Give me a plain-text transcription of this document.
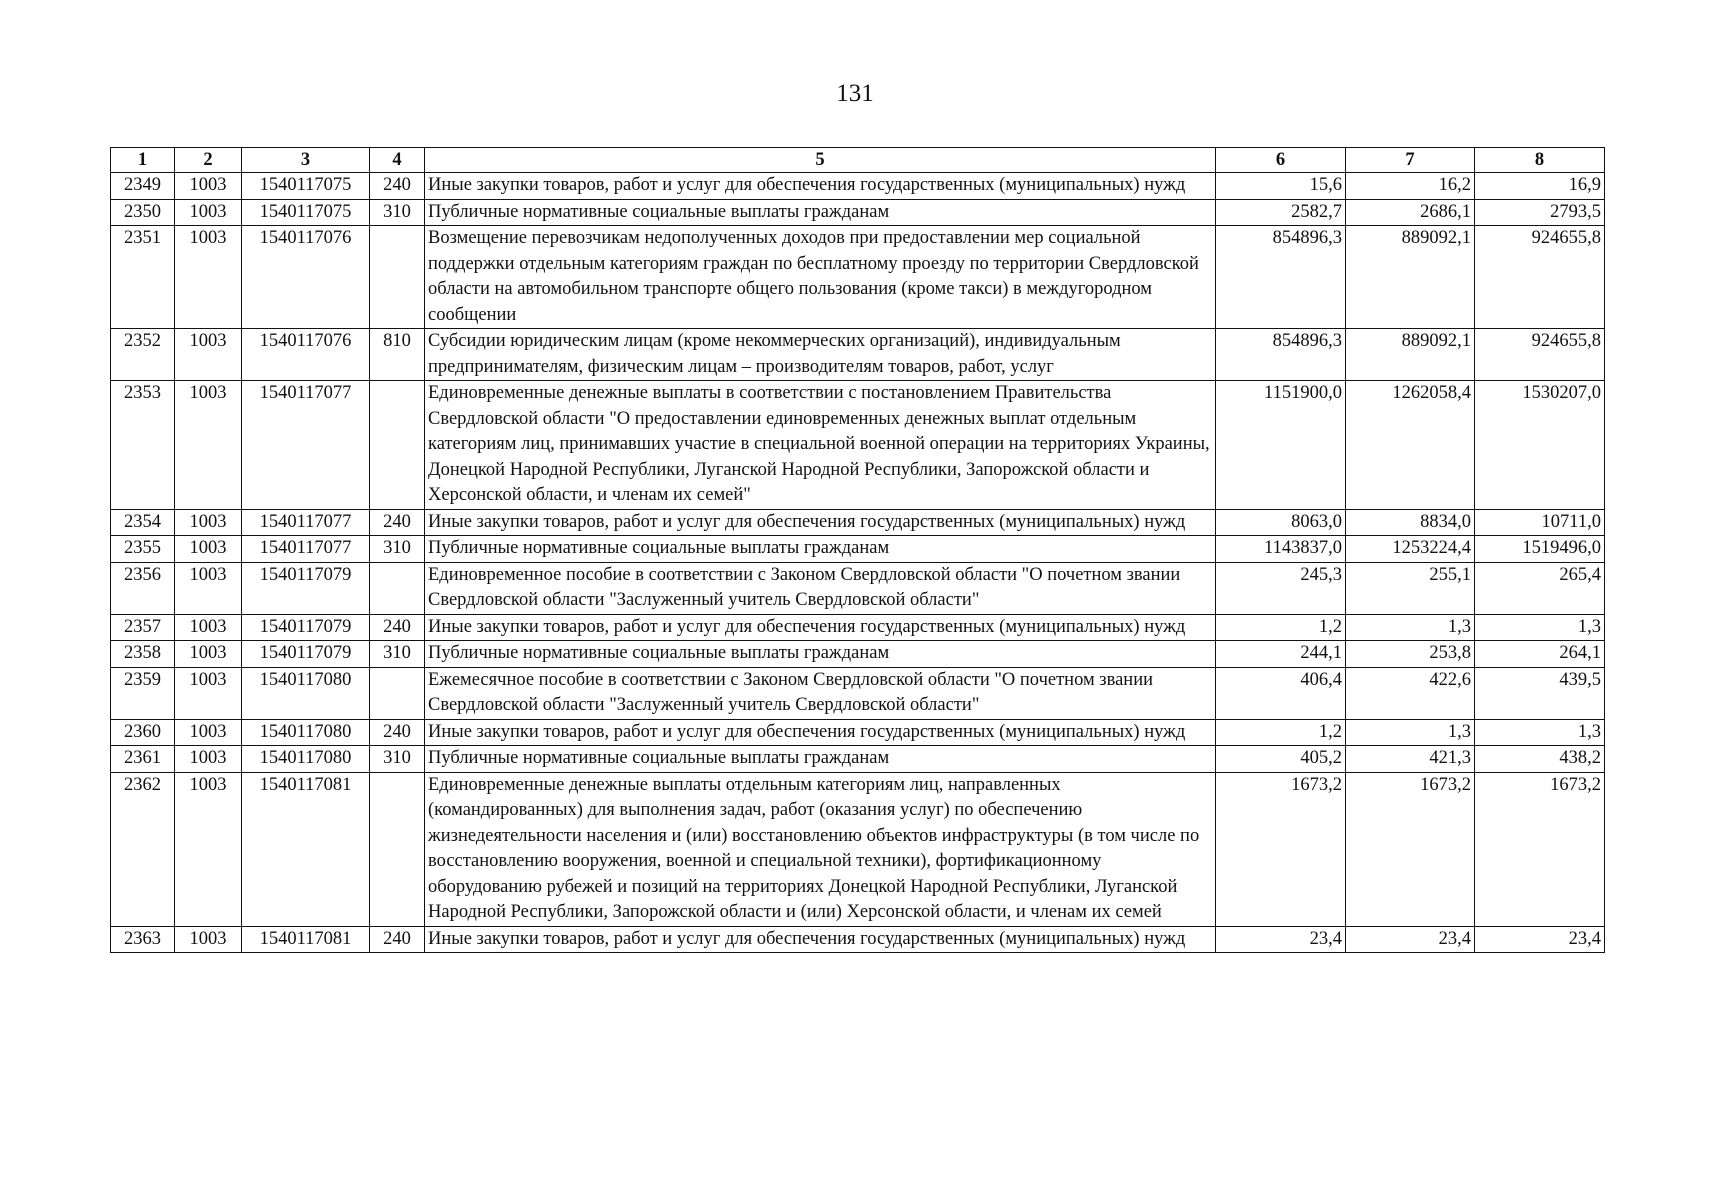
131
1	2	3	4	5	6	7	8
2349	1003	1540117075	240	Иные закупки товаров, работ и услуг для обеспечения государственных (муниципальных) нужд	15,6	16,2	16,9
2350	1003	1540117075	310	Публичные нормативные социальные выплаты гражданам	2582,7	2686,1	2793,5
2351	1003	1540117076		Возмещение перевозчикам недополученных доходов при предоставлении мер социальной поддержки отдельным категориям граждан по бесплатному проезду по территории Свердловской области на автомобильном транспорте общего пользования (кроме такси) в междугородном сообщении	854896,3	889092,1	924655,8
2352	1003	1540117076	810	Субсидии юридическим лицам (кроме некоммерческих организаций), индивидуальным предпринимателям, физическим лицам – производителям товаров, работ, услуг	854896,3	889092,1	924655,8
2353	1003	1540117077		Единовременные денежные выплаты в соответствии с постановлением Правительства Свердловской области "О предоставлении единовременных денежных выплат отдельным категориям лиц, принимавших участие в специальной военной операции на территориях Украины, Донецкой Народной Республики, Луганской Народной Республики, Запорожской области и Херсонской области, и членам их семей"	1151900,0	1262058,4	1530207,0
2354	1003	1540117077	240	Иные закупки товаров, работ и услуг для обеспечения государственных (муниципальных) нужд	8063,0	8834,0	10711,0
2355	1003	1540117077	310	Публичные нормативные социальные выплаты гражданам	1143837,0	1253224,4	1519496,0
2356	1003	1540117079		Единовременное пособие в соответствии с Законом Свердловской области "О почетном звании Свердловской области "Заслуженный учитель Свердловской области"	245,3	255,1	265,4
2357	1003	1540117079	240	Иные закупки товаров, работ и услуг для обеспечения государственных (муниципальных) нужд	1,2	1,3	1,3
2358	1003	1540117079	310	Публичные нормативные социальные выплаты гражданам	244,1	253,8	264,1
2359	1003	1540117080		Ежемесячное пособие в соответствии с Законом Свердловской области "О почетном звании Свердловской области "Заслуженный учитель Свердловской области"	406,4	422,6	439,5
2360	1003	1540117080	240	Иные закупки товаров, работ и услуг для обеспечения государственных (муниципальных) нужд	1,2	1,3	1,3
2361	1003	1540117080	310	Публичные нормативные социальные выплаты гражданам	405,2	421,3	438,2
2362	1003	1540117081		Единовременные денежные выплаты отдельным категориям лиц, направленных (командированных) для выполнения задач, работ (оказания услуг) по обеспечению жизнедеятельности населения и (или) восстановлению объектов инфраструктуры (в том числе по восстановлению вооружения, военной и специальной техники), фортификационному оборудованию рубежей и позиций на территориях Донецкой Народной Республики, Луганской Народной Республики, Запорожской области и (или) Херсонской области, и членам их семей	1673,2	1673,2	1673,2
2363	1003	1540117081	240	Иные закупки товаров, работ и услуг для обеспечения государственных (муниципальных) нужд	23,4	23,4	23,4
